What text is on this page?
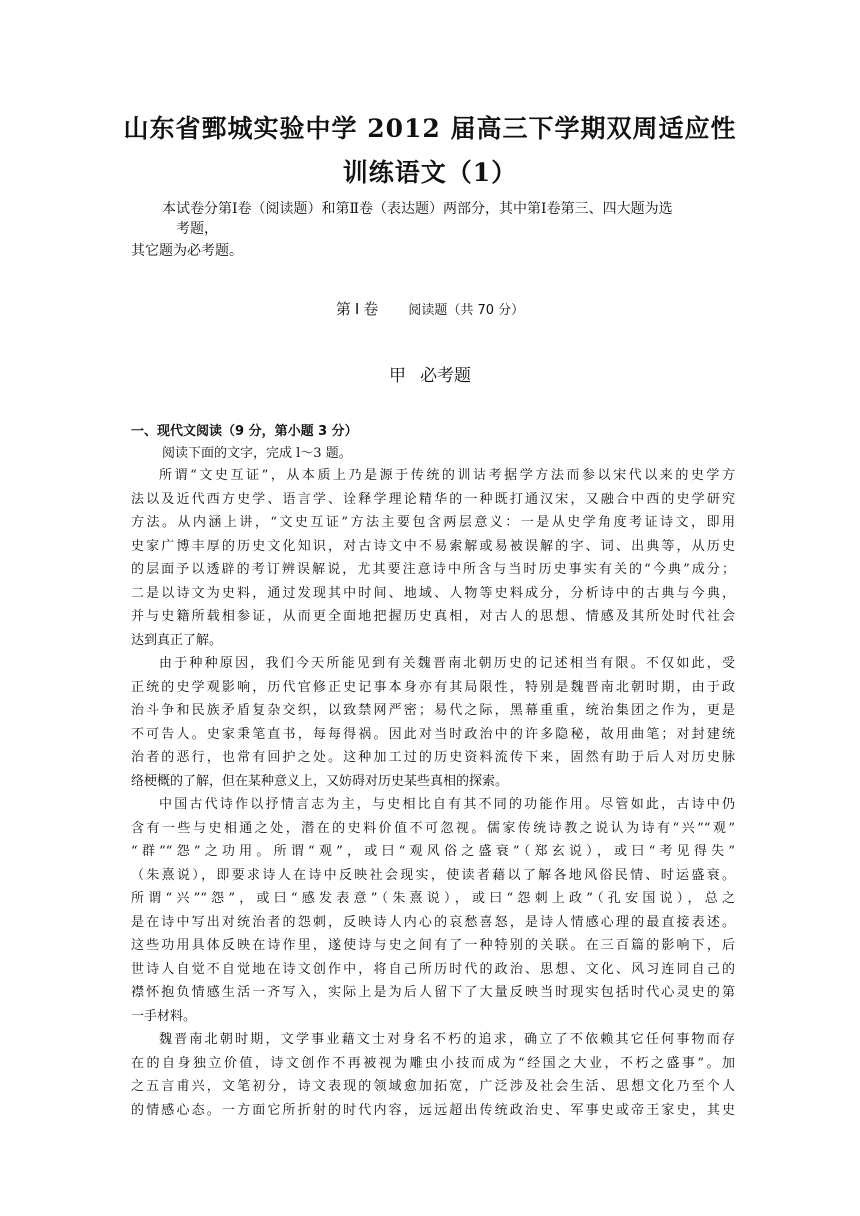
山东省鄄城实验中学 2012 届高三下学期双周适应性
训练语文（1）
本试卷分第Ⅰ卷（阅读题）和第Ⅱ卷（表达题）两部分，其中第Ⅰ卷第三、四大题为选
考题，
其它题为必考题。
第Ⅰ卷 阅读题（共 70 分）
甲 必考题
一、现代文阅读（9 分，第小题 3 分）
阅读下面的文字，完成 l～3 题。
所谓“文史互证”，从本质上乃是源于传统的训诂考据学方法而参以宋代以来的史学方
法以及近代西方史学、语言学、诠释学理论精华的一种既打通汉宋，又融合中西的史学研究
方法。从内涵上讲，“文史互证”方法主要包含两层意义：一是从史学角度考证诗文，即用
史家广博丰厚的历史文化知识，对古诗文中不易索解或易被误解的字、词、出典等，从历史
的层面予以透辟的考订辨误解说，尤其要注意诗中所含与当时历史事实有关的“今典”成分；
二是以诗文为史料，通过发现其中时间、地域、人物等史料成分，分析诗中的古典与今典，
并与史籍所载相参证，从而更全面地把握历史真相，对古人的思想、情感及其所处时代社会
达到真正了解。
由于种种原因，我们今天所能见到有关魏晋南北朝历史的记述相当有限。不仅如此，受
正统的史学观影响，历代官修正史记事本身亦有其局限性，特别是魏晋南北朝时期，由于政
治斗争和民族矛盾复杂交织，以致禁网严密；易代之际，黑幕重重，统治集团之作为，更是
不可告人。史家秉笔直书，每每得祸。因此对当时政治中的许多隐秘，故用曲笔；对封建统
治者的恶行，也常有回护之处。这种加工过的历史资料流传下来，固然有助于后人对历史脉
络梗概的了解，但在某种意义上，又妨碍对历史某些真相的探索。
中国古代诗作以抒情言志为主，与史相比自有其不同的功能作用。尽管如此，古诗中仍
含有一些与史相通之处，潜在的史料价值不可忽视。儒家传统诗教之说认为诗有“兴”“观”
“群”“怨”之功用。所谓“观”，或曰“观风俗之盛衰”（郑玄说），或曰“考见得失”
（朱熹说），即要求诗人在诗中反映社会现实，使读者藉以了解各地风俗民情、时运盛衰。
所谓“兴”“怨”，或曰“感发表意”（朱熹说），或曰“怨刺上政”（孔安国说），总之
是在诗中写出对统治者的怨刺，反映诗人内心的哀愁喜怒，是诗人情感心理的最直接表述。
这些功用具体反映在诗作里，遂使诗与史之间有了一种特别的关联。在三百篇的影响下，后
世诗人自觉不自觉地在诗文创作中，将自己所历时代的政治、思想、文化、风习连同自己的
襟怀抱负情感生活一齐写入，实际上是为后人留下了大量反映当时现实包括时代心灵史的第
一手材料。
魏晋南北朝时期，文学事业藉文士对身名不朽的追求，确立了不依赖其它任何事物而存
在的自身独立价值，诗文创作不再被视为雕虫小技而成为“经国之大业，不朽之盛事”。加
之五言甫兴，文笔初分，诗文表现的领域愈加拓宽，广泛涉及社会生活、思想文化乃至个人
的情感心态。一方面它所折射的时代内容，远远超出传统政治史、军事史或帝王家史，其史
